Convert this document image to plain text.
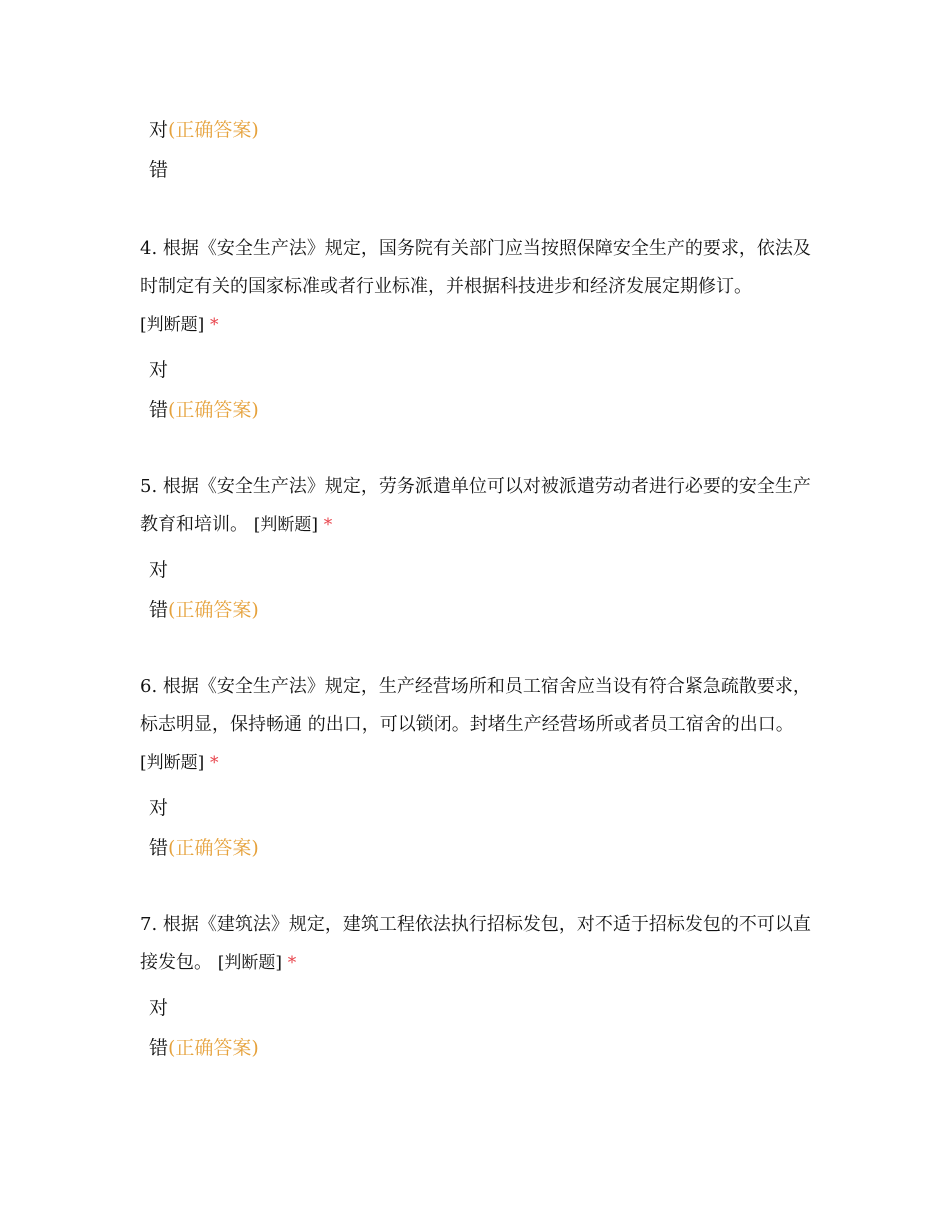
对(正确答案)
错

4. 根据《安全生产法》规定，国务院有关部门应当按照保障安全生产的要求，依法及时制定有关的国家标准或者行业标准，并根据科技进步和经济发展定期修订。
[判断题] *

对
错(正确答案)

5. 根据《安全生产法》规定，劳务派遣单位可以对被派遣劳动者进行必要的安全生产教育和培训。 [判断题] *

对
错(正确答案)

6. 根据《安全生产法》规定，生产经营场所和员工宿舍应当设有符合紧急疏散要求，标志明显，保持畅通 的出口，可以锁闭。封堵生产经营场所或者员工宿舍的出口。 [判断题] *

对
错(正确答案)

7. 根据《建筑法》规定，建筑工程依法执行招标发包，对不适于招标发包的不可以直接发包。 [判断题] *

对
错(正确答案)
